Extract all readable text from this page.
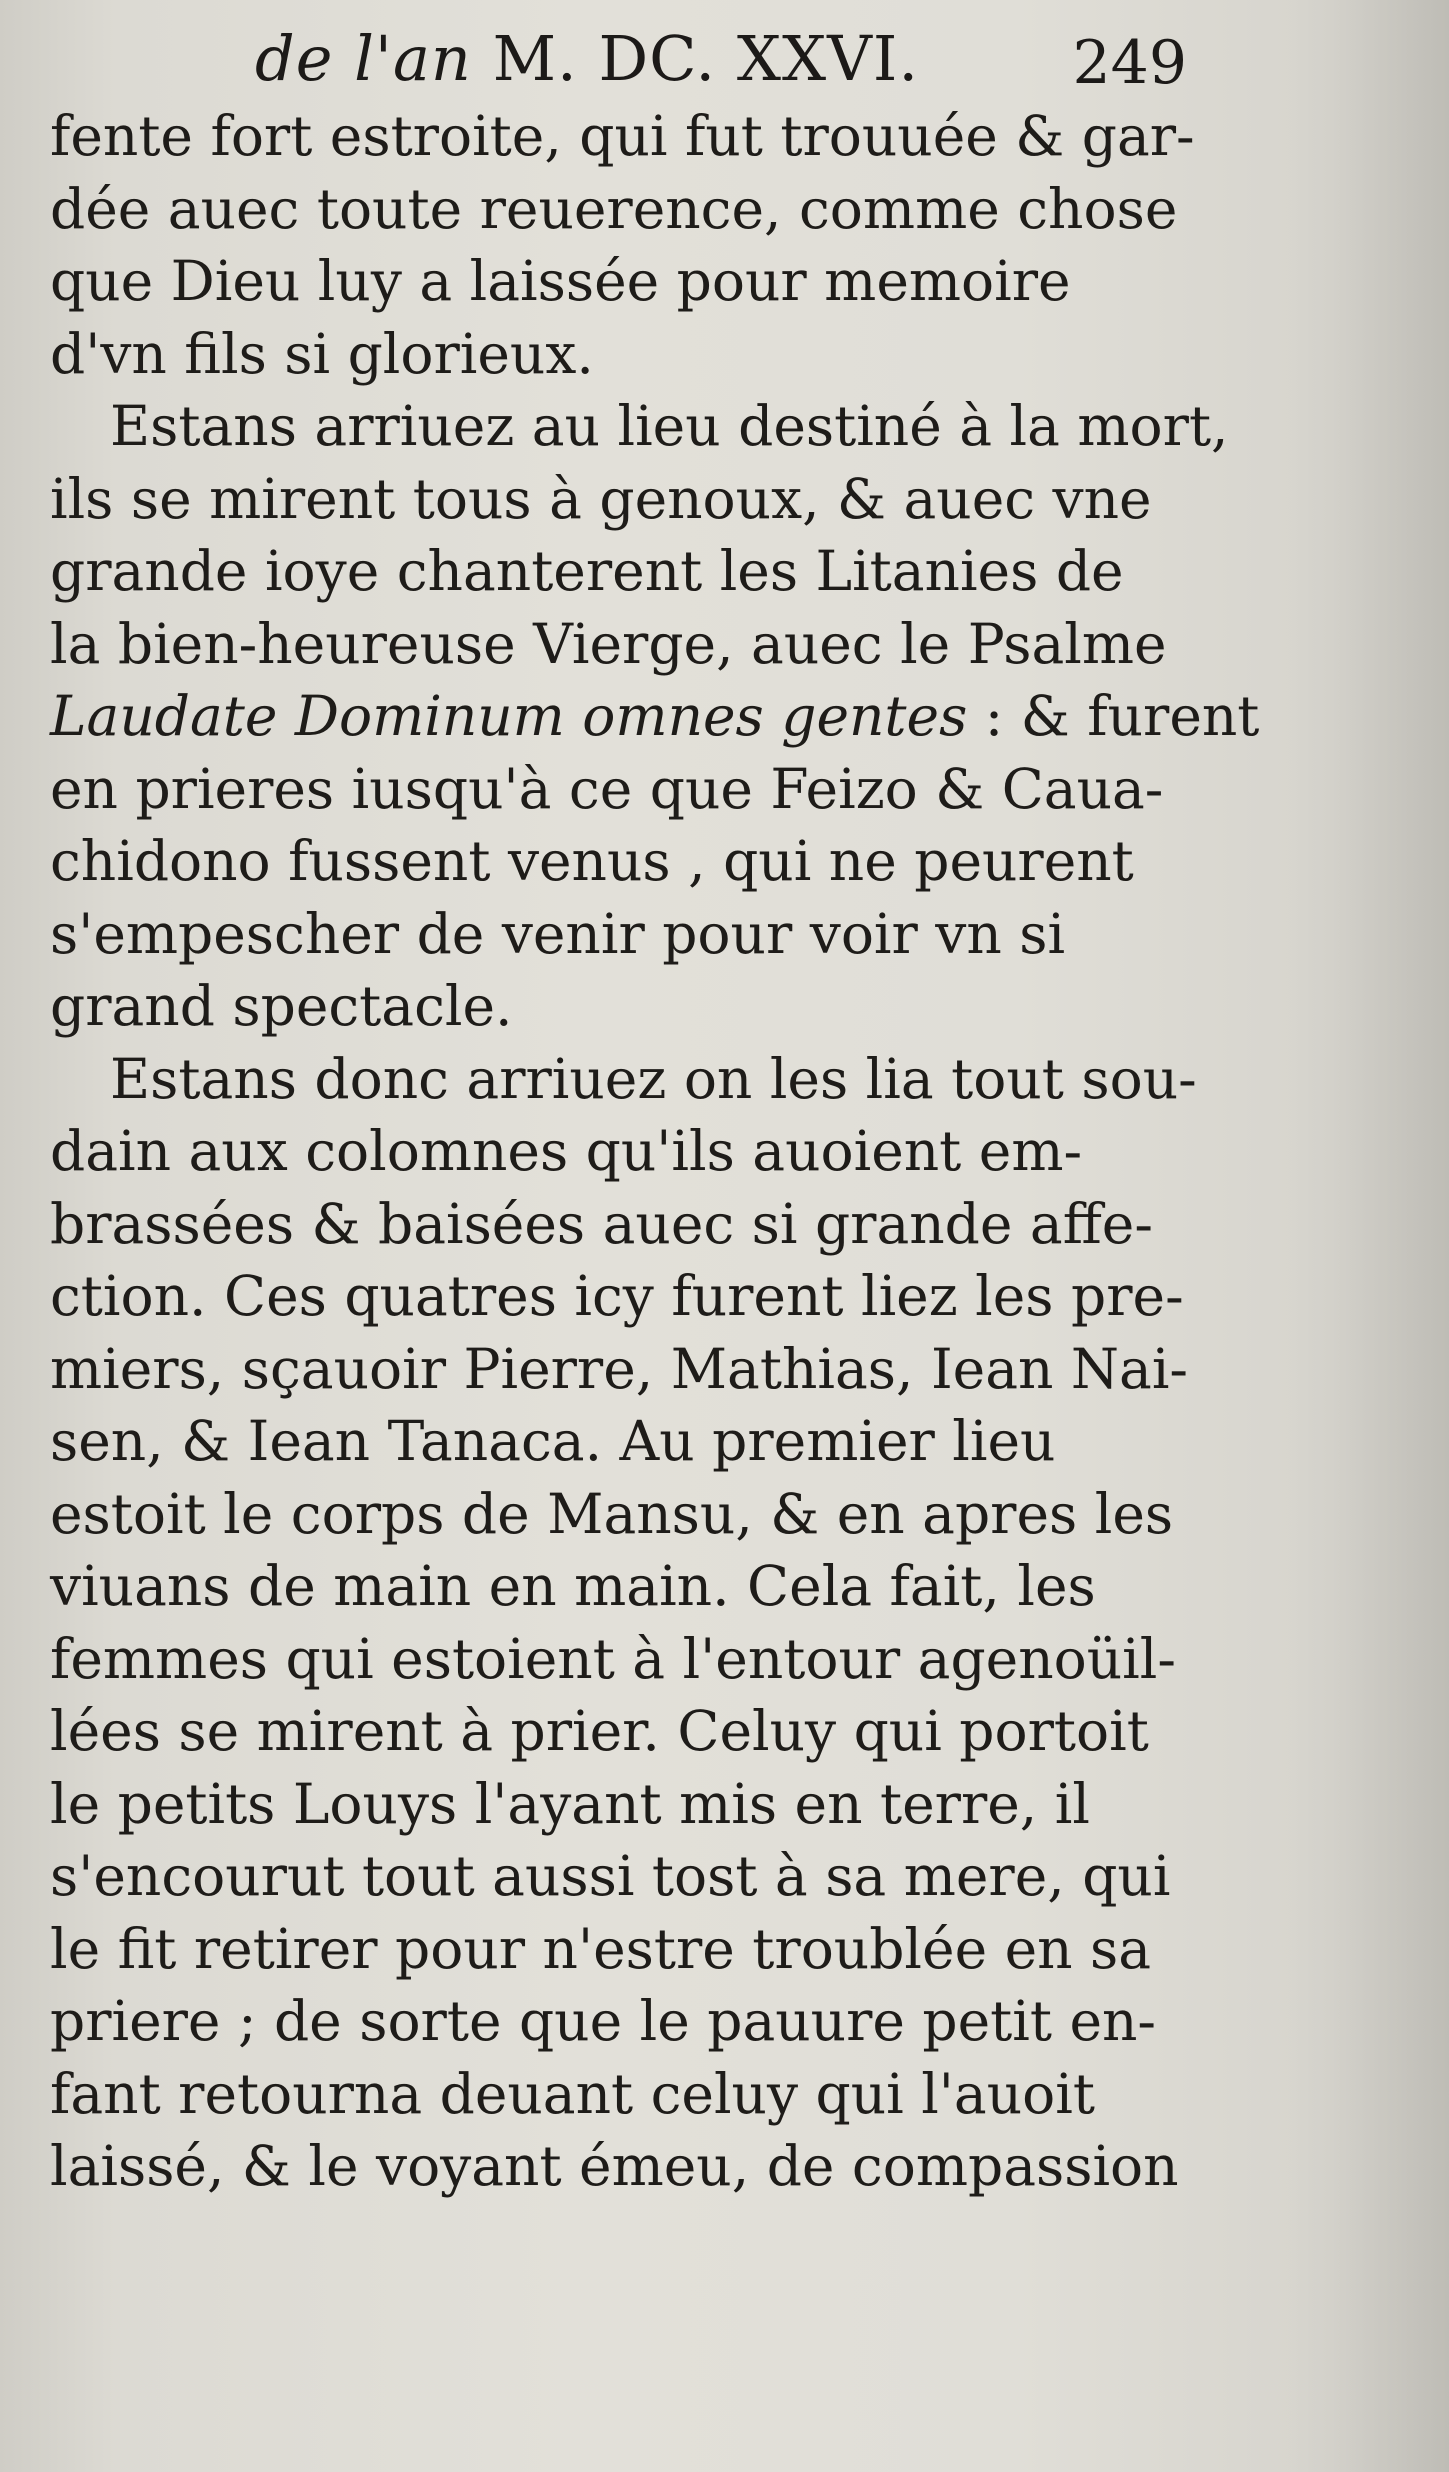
de l'an M. DC. XXVI.	249
fente fort estroite, qui fut trouuée & gar-
dée auec toute reuerence, comme chose
que Dieu luy a laissée pour memoire
d'vn fils si glorieux.
Estans arriuez au lieu destiné à la mort,
ils se mirent tous à genoux, & auec vne
grande ioye chanterent les Litanies de
la bien-heureuse Vierge, auec le Psalme
Laudate Dominum omnes gentes : & furent
en prieres iusqu'à ce que Feizo & Caua-
chidono fussent venus , qui ne peurent
s'empescher de venir pour voir vn si
grand spectacle.
Estans donc arriuez on les lia tout sou-
dain aux colomnes qu'ils auoient em-
brassées & baisées auec si grande affe-
ction. Ces quatres icy furent liez les pre-
miers, sçauoir Pierre, Mathias, Iean Nai-
sen, & Iean Tanaca. Au premier lieu
estoit le corps de Mansu, & en apres les
viuans de main en main. Cela fait, les
femmes qui estoient à l'entour agenoüil-
lées se mirent à prier. Celuy qui portoit
le petits Louys l'ayant mis en terre, il
s'encourut tout aussi tost à sa mere, qui
le fit retirer pour n'estre troublée en sa
priere ; de sorte que le pauure petit en-
fant retourna deuant celuy qui l'auoit
laissé, & le voyant émeu, de compassion
